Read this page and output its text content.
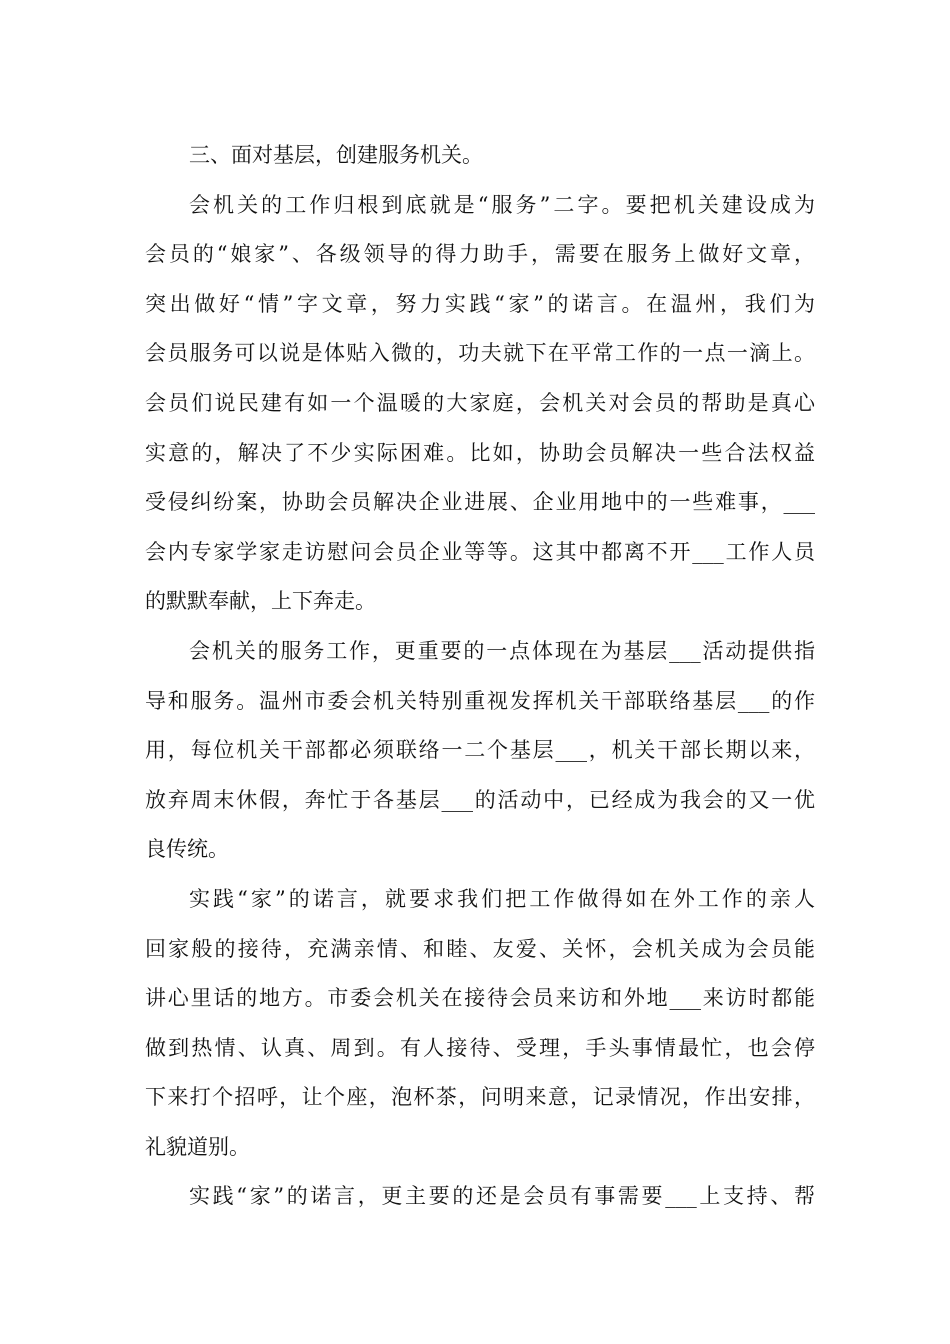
三、面对基层，创建服务机关。
会机关的工作归根到底就是“服务”二字。要把机关建设成为
会员的“娘家”、各级领导的得力助手，需要在服务上做好文章，
突出做好“情”字文章，努力实践“家”的诺言。在温州，我们为
会员服务可以说是体贴入微的，功夫就下在平常工作的一点一滴上。
会员们说民建有如一个温暖的大家庭，会机关对会员的帮助是真心
实意的，解决了不少实际困难。比如，协助会员解决一些合法权益
受侵纠纷案，协助会员解决企业进展、企业用地中的一些难事，___
会内专家学家走访慰问会员企业等等。这其中都离不开___工作人员
的默默奉献，上下奔走。
会机关的服务工作，更重要的一点体现在为基层___活动提供指
导和服务。温州市委会机关特别重视发挥机关干部联络基层___的作
用，每位机关干部都必须联络一二个基层___，机关干部长期以来，
放弃周末休假，奔忙于各基层___的活动中，已经成为我会的又一优
良传统。
实践“家”的诺言，就要求我们把工作做得如在外工作的亲人
回家般的接待，充满亲情、和睦、友爱、关怀，会机关成为会员能
讲心里话的地方。市委会机关在接待会员来访和外地___来访时都能
做到热情、认真、周到。有人接待、受理，手头事情最忙，也会停
下来打个招呼，让个座，泡杯茶，问明来意，记录情况，作出安排，
礼貌道别。
实践“家”的诺言，更主要的还是会员有事需要___上支持、帮
